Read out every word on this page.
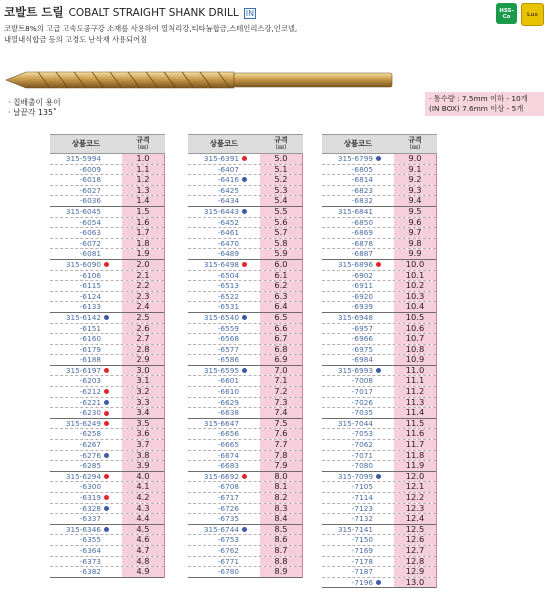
코발트 드릴 COBALT STRAIGHT SHANK DRILL IN
코발트8%의 고급 고속도공구강 소재를 사용하여 열처리강,티타늄합금,스테인리스강,인코넬,
내열내식합금 등의 고경도 난삭재 사용되어짐
HSS-Co	Lux
· 칩배출이 용이
· 날끝각 135˚
· 통수량 : 7.5mm 이하 - 10개
(IN BOX) 7.6mm 이상 - 5개
상품코드	규격
(㎜)
315-5994	1.0
-6009	1.1
-6018	1.2
-6027	1.3
-6036	1.4
315-6045	1.5
-6054	1.6
-6063	1.7
-6072	1.8
-6081	1.9
315-6090	2.0
-6106	2.1
-6115	2.2
-6124	2.3
-6133	2.4
315-6142	2.5
-6151	2.6
-6160	2.7
-6179	2.8
-6188	2.9
315-6197	3.0
-6203	3.1
-6212	3.2
-6221	3.3
-6230	3.4
315-6249	3.5
-6258	3.6
-6267	3.7
-6276	3.8
-6285	3.9
315-6294	4.0
-6300	4.1
-6319	4.2
-6328	4.3
-6337	4.4
315-6346	4.5
-6355	4.6
-6364	4.7
-6373	4.8
-6382	4.9
상품코드	규격
(㎜)
315-6391	5.0
-6407	5.1
-6416	5.2
-6425	5.3
-6434	5.4
315-6443	5.5
-6452	5.6
-6461	5.7
-6470	5.8
-6489	5.9
315-6498	6.0
-6504	6.1
-6513	6.2
-6522	6.3
-6531	6.4
315-6540	6.5
-6559	6.6
-6568	6.7
-6577	6.8
-6586	6.9
315-6595	7.0
-6601	7.1
-6610	7.2
-6629	7.3
-6638	7.4
315-6647	7.5
-6656	7.6
-6665	7.7
-6674	7.8
-6683	7.9
315-6692	8.0
-6708	8.1
-6717	8.2
-6726	8.3
-6735	8.4
315-6744	8.5
-6753	8.6
-6762	8.7
-6771	8.8
-6780	8.9
상품코드	규격
(㎜)
315-6799	9.0
-6805	9.1
-6814	9.2
-6823	9.3
-6832	9.4
315-6841	9.5
-6850	9.6
-6869	9.7
-6878	9.8
-6887	9.9
315-6896	10.0
-6902	10.1
-6911	10.2
-6920	10.3
-6939	10.4
315-6948	10.5
-6957	10.6
-6966	10.7
-6975	10.8
-6984	10.9
315-6993	11.0
-7008	11.1
-7017	11.2
-7026	11.3
-7035	11.4
315-7044	11.5
-7053	11.6
-7062	11.7
-7071	11.8
-7080	11.9
315-7099	12.0
-7105	12.1
-7114	12.2
-7123	12.3
-7132	12.4
315-7141	12.5
-7150	12.6
-7169	12.7
-7178	12.8
-7187	12.9
-7196	13.0
